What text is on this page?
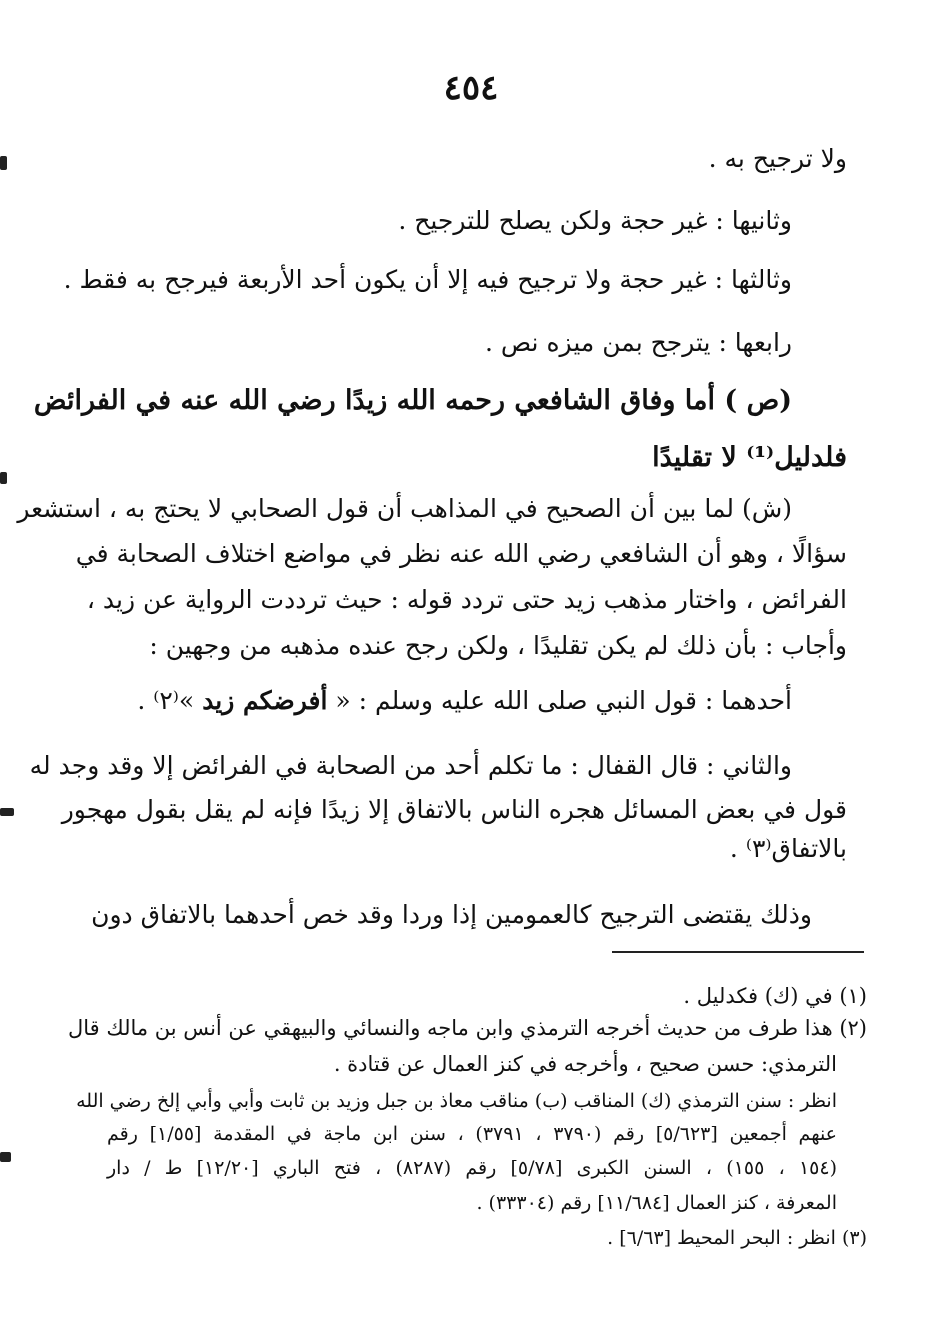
٤٥٤
ولا ترجيح به .
وثانيها : غير حجة ولكن يصلح للترجيح .
وثالثها : غير حجة ولا ترجيح فيه إلا أن يكون أحد الأربعة فيرجح به فقط .
رابعها : يترجح بمن ميزه نص .
(ص ) أما وفاق الشافعي رحمه الله زيدًا رضي الله عنه في الفرائض
فلدليل⁽¹⁾ لا تقليدًا
(ش) لما بين أن الصحيح في المذاهب أن قول الصحابي لا يحتج به ، استشعر
سؤالًا ، وهو أن الشافعي رضي الله عنه نظر في مواضع اختلاف الصحابة في
الفرائض ، واختار مذهب زيد حتى تردد قوله : حيث ترددت الرواية عن زيد ،
وأجاب : بأن ذلك لم يكن تقليدًا ، ولكن رجح عنده مذهبه من وجهين :
أحدهما : قول النبي صلى الله عليه وسلم : « أفرضكم زيد »⁽٢⁾ .
والثاني : قال القفال : ما تكلم أحد من الصحابة في الفرائض إلا وقد وجد له
قول في بعض المسائل هجره الناس بالاتفاق إلا زيدًا فإنه لم يقل بقول مهجور
بالاتفاق⁽٣⁾ .
وذلك يقتضى الترجيح كالعمومين إذا وردا وقد خص أحدهما بالاتفاق دون
(١) في (ك) فكدليل .
(٢) هذا طرف من حديث أخرجه الترمذي وابن ماجه والنسائي والبيهقي عن أنس بن مالك قال
الترمذي: حسن صحيح ، وأخرجه في كنز العمال عن قتادة .
انظر : سنن الترمذي (ك) المناقب (ب) مناقب معاذ بن جبل وزيد بن ثابت وأبي وأبي إلخ رضي الله
عنهم أجمعين [٥/٦٢٣] رقم (٣٧٩٠ ، ٣٧٩١) ، سنن ابن ماجة في المقدمة [١/٥٥] رقم
(١٥٤ ، ١٥٥) ، السنن الكبرى [٥/٧٨] رقم (٨٢٨٧) ، فتح الباري [١٢/٢٠] ط / دار
المعرفة ، كنز العمال [١١/٦٨٤] رقم (٣٣٣٠٤) .
(٣) انظر : البحر المحيط [٦/٦٣] .
